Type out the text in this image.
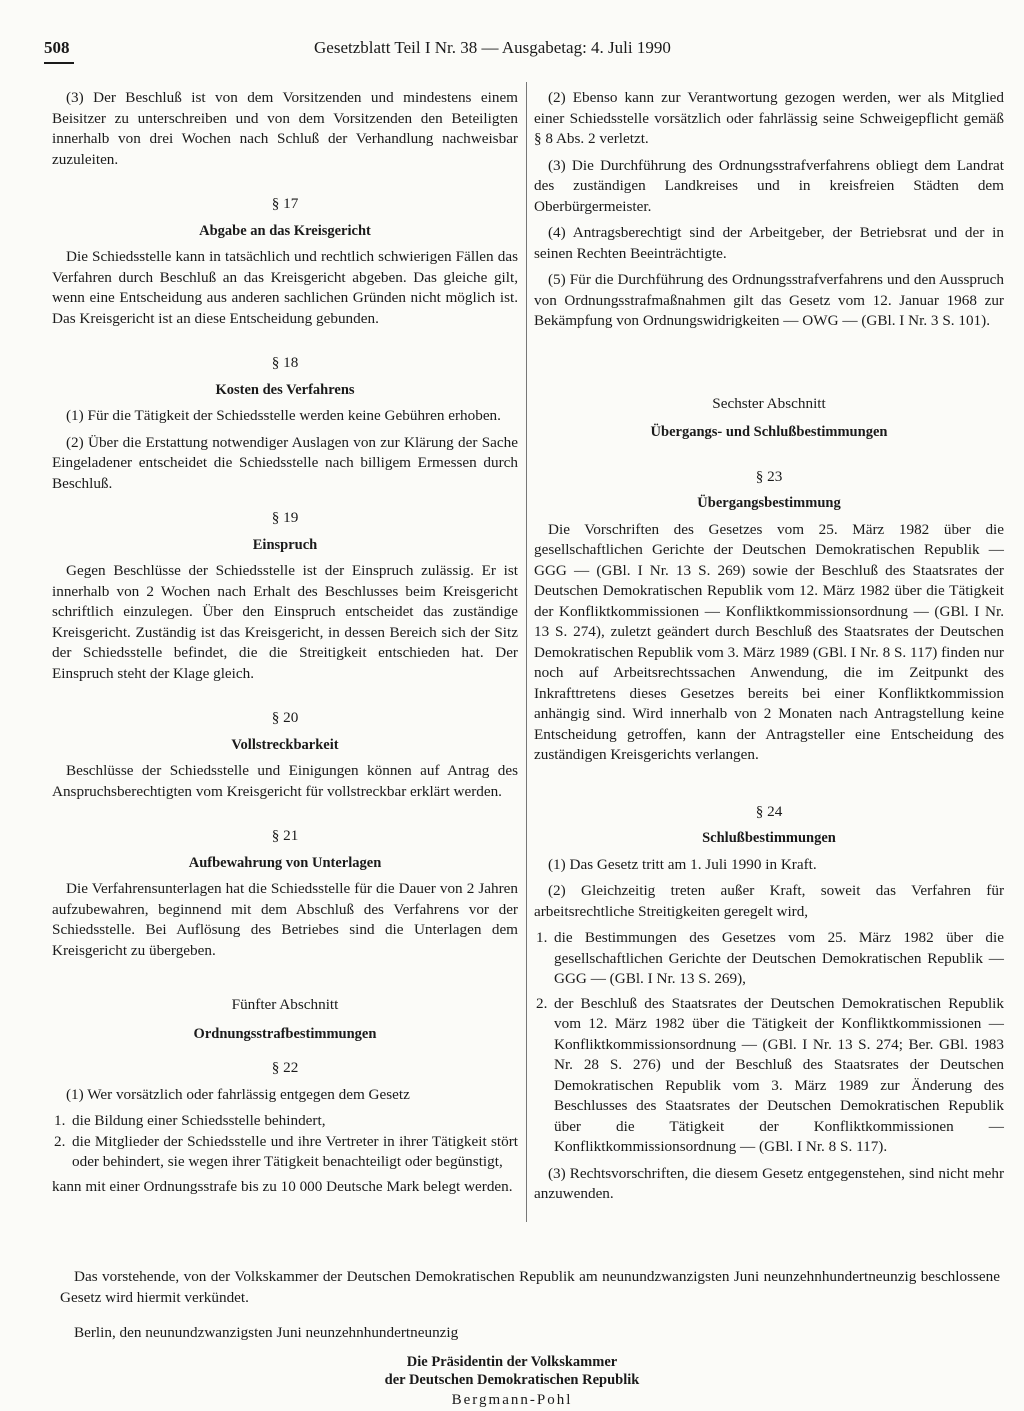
508	Gesetzblatt Teil I Nr. 38 — Ausgabetag: 4. Juli 1990

(3) Der Beschluß ist von dem Vorsitzenden und mindestens einem Beisitzer zu unterschreiben und von dem Vorsitzenden den Beteiligten innerhalb von drei Wochen nach Schluß der Verhandlung nachweisbar zuzuleiten.

§ 17
Abgabe an das Kreisgericht

Die Schiedsstelle kann in tatsächlich und rechtlich schwierigen Fällen das Verfahren durch Beschluß an das Kreisgericht abgeben. Das gleiche gilt, wenn eine Entscheidung aus anderen sachlichen Gründen nicht möglich ist. Das Kreisgericht ist an diese Entscheidung gebunden.

§ 18
Kosten des Verfahrens

(1) Für die Tätigkeit der Schiedsstelle werden keine Gebühren erhoben.

(2) Über die Erstattung notwendiger Auslagen von zur Klärung der Sache Eingeladener entscheidet die Schiedsstelle nach billigem Ermessen durch Beschluß.

§ 19
Einspruch

Gegen Beschlüsse der Schiedsstelle ist der Einspruch zulässig. Er ist innerhalb von 2 Wochen nach Erhalt des Beschlusses beim Kreisgericht schriftlich einzulegen. Über den Einspruch entscheidet das zuständige Kreisgericht. Zuständig ist das Kreisgericht, in dessen Bereich sich der Sitz der Schiedsstelle befindet, die die Streitigkeit entschieden hat. Der Einspruch steht der Klage gleich.

§ 20
Vollstreckbarkeit

Beschlüsse der Schiedsstelle und Einigungen können auf Antrag des Anspruchsberechtigten vom Kreisgericht für vollstreckbar erklärt werden.

§ 21
Aufbewahrung von Unterlagen

Die Verfahrensunterlagen hat die Schiedsstelle für die Dauer von 2 Jahren aufzubewahren, beginnend mit dem Abschluß des Verfahrens vor der Schiedsstelle. Bei Auflösung des Betriebes sind die Unterlagen dem Kreisgericht zu übergeben.

Fünfter Abschnitt
Ordnungsstrafbestimmungen
§ 22

(1) Wer vorsätzlich oder fahrlässig entgegen dem Gesetz

1. die Bildung einer Schiedsstelle behindert,
2. die Mitglieder der Schiedsstelle und ihre Vertreter in ihrer Tätigkeit stört oder behindert, sie wegen ihrer Tätigkeit benachteiligt oder begünstigt,

kann mit einer Ordnungsstrafe bis zu 10 000 Deutsche Mark belegt werden.

(2) Ebenso kann zur Verantwortung gezogen werden, wer als Mitglied einer Schiedsstelle vorsätzlich oder fahrlässig seine Schweigepflicht gemäß § 8 Abs. 2 verletzt.

(3) Die Durchführung des Ordnungsstrafverfahrens obliegt dem Landrat des zuständigen Landkreises und in kreisfreien Städten dem Oberbürgermeister.

(4) Antragsberechtigt sind der Arbeitgeber, der Betriebsrat und der in seinen Rechten Beeinträchtigte.

(5) Für die Durchführung des Ordnungsstrafverfahrens und den Ausspruch von Ordnungsstrafmaßnahmen gilt das Gesetz vom 12. Januar 1968 zur Bekämpfung von Ordnungswidrigkeiten — OWG — (GBl. I Nr. 3 S. 101).

Sechster Abschnitt
Übergangs- und Schlußbestimmungen
§ 23
Übergangsbestimmung

Die Vorschriften des Gesetzes vom 25. März 1982 über die gesellschaftlichen Gerichte der Deutschen Demokratischen Republik — GGG — (GBl. I Nr. 13 S. 269) sowie der Beschluß des Staatsrates der Deutschen Demokratischen Republik vom 12. März 1982 über die Tätigkeit der Konfliktkommissionen — Konfliktkommissionsordnung — (GBl. I Nr. 13 S. 274), zuletzt geändert durch Beschluß des Staatsrates der Deutschen Demokratischen Republik vom 3. März 1989 (GBl. I Nr. 8 S. 117) finden nur noch auf Arbeitsrechtssachen Anwendung, die im Zeitpunkt des Inkrafttretens dieses Gesetzes bereits bei einer Konfliktkommission anhängig sind. Wird innerhalb von 2 Monaten nach Antragstellung keine Entscheidung getroffen, kann der Antragsteller eine Entscheidung des zuständigen Kreisgerichts verlangen.

§ 24
Schlußbestimmungen

(1) Das Gesetz tritt am 1. Juli 1990 in Kraft.

(2) Gleichzeitig treten außer Kraft, soweit das Verfahren für arbeitsrechtliche Streitigkeiten geregelt wird,

1. die Bestimmungen des Gesetzes vom 25. März 1982 über die gesellschaftlichen Gerichte der Deutschen Demokratischen Republik — GGG — (GBl. I Nr. 13 S. 269),
2. der Beschluß des Staatsrates der Deutschen Demokratischen Republik vom 12. März 1982 über die Tätigkeit der Konfliktkommissionen — Konfliktkommissionsordnung — (GBl. I Nr. 13 S. 274; Ber. GBl. 1983 Nr. 28 S. 276) und der Beschluß des Staatsrates der Deutschen Demokratischen Republik vom 3. März 1989 zur Änderung des Beschlusses des Staatsrates der Deutschen Demokratischen Republik über die Tätigkeit der Konfliktkommissionen — Konfliktkommissionsordnung — (GBl. I Nr. 8 S. 117).

(3) Rechtsvorschriften, die diesem Gesetz entgegenstehen, sind nicht mehr anzuwenden.

Das vorstehende, von der Volkskammer der Deutschen Demokratischen Republik am neunundzwanzigsten Juni neunzehnhundertneunzig beschlossene Gesetz wird hiermit verkündet.
Berlin, den neunundzwanzigsten Juni neunzehnhundertneunzig
Die Präsidentin der Volkskammer
der Deutschen Demokratischen Republik
Bergmann-Pohl
